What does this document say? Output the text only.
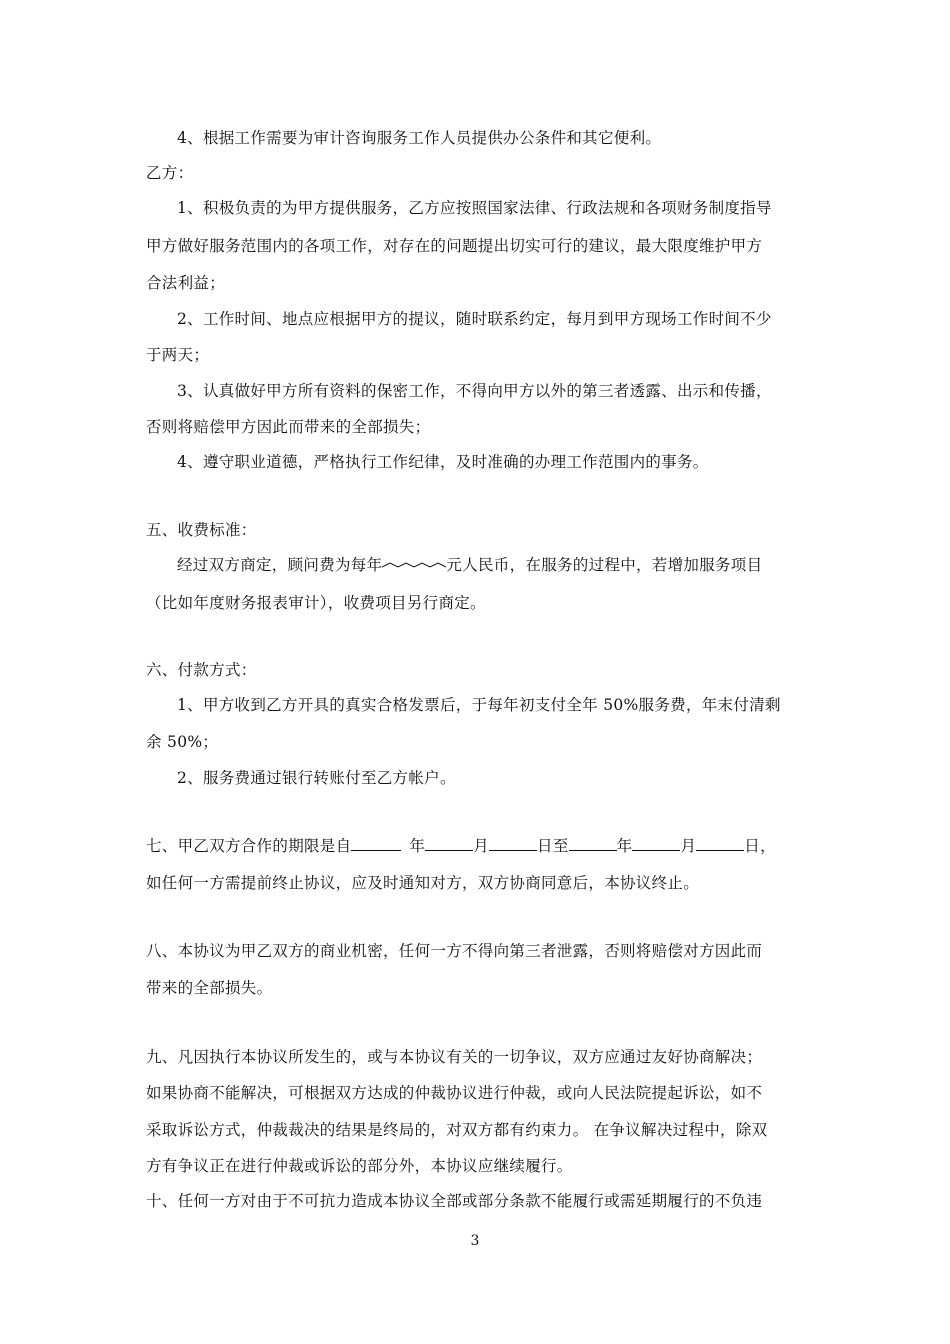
4、根据工作需要为审计咨询服务工作人员提供办公条件和其它便利。
乙方：
1、积极负责的为甲方提供服务，乙方应按照国家法律、行政法规和各项财务制度指导
甲方做好服务范围内的各项工作，对存在的问题提出切实可行的建议，最大限度维护甲方
合法利益；
2、工作时间、地点应根据甲方的提议，随时联系约定，每月到甲方现场工作时间不少
于两天；
3、认真做好甲方所有资料的保密工作，不得向甲方以外的第三者透露、出示和传播，
否则将赔偿甲方因此而带来的全部损失；
4、遵守职业道德，严格执行工作纪律，及时准确的办理工作范围内的事务。
五、收费标准：
经过双方商定，顾问费为每年	元人民币，在服务的过程中，若增加服务项目
（比如年度财务报表审计），收费项目另行商定。
六、付款方式：
1、甲方收到乙方开具的真实合格发票后，于每年初支付全年 50%服务费，年末付清剩
余 50%；
2、服务费通过银行转账付至乙方帐户。
七、甲乙双方合作的期限是自	年	月	日至	年	月	日，
如任何一方需提前终止协议，应及时通知对方，双方协商同意后，本协议终止。
八、本协议为甲乙双方的商业机密，任何一方不得向第三者泄露，否则将赔偿对方因此而
带来的全部损失。
九、凡因执行本协议所发生的，或与本协议有关的一切争议，双方应通过友好协商解决；
如果协商不能解决，可根据双方达成的仲裁协议进行仲裁，或向人民法院提起诉讼，如不
采取诉讼方式，仲裁裁决的结果是终局的，对双方都有约束力。 在争议解决过程中，除双
方有争议正在进行仲裁或诉讼的部分外，本协议应继续履行。
十、任何一方对由于不可抗力造成本协议全部或部分条款不能履行或需延期履行的不负违
3
